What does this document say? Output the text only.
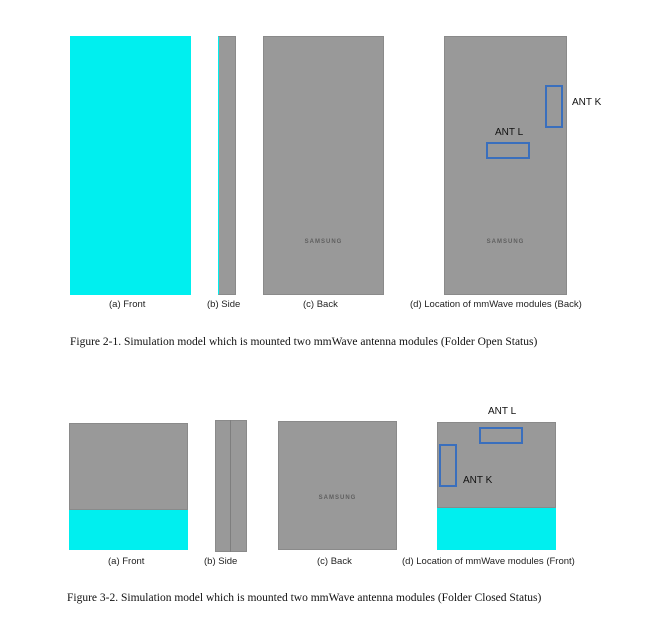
(a) Front	(b) Side
SAMSUNG
(c) Back
SAMSUNG
ANT K
ANT L
(d) Location of mmWave modules (Back)
Figure 2-1. Simulation model which is mounted two mmWave antenna modules (Folder Open Status)
(a) Front	(b) Side
SAMSUNG
(c) Back
ANT L
ANT K
(d) Location of mmWave modules (Front)
Figure 3-2. Simulation model which is mounted two mmWave antenna modules (Folder Closed Status)
